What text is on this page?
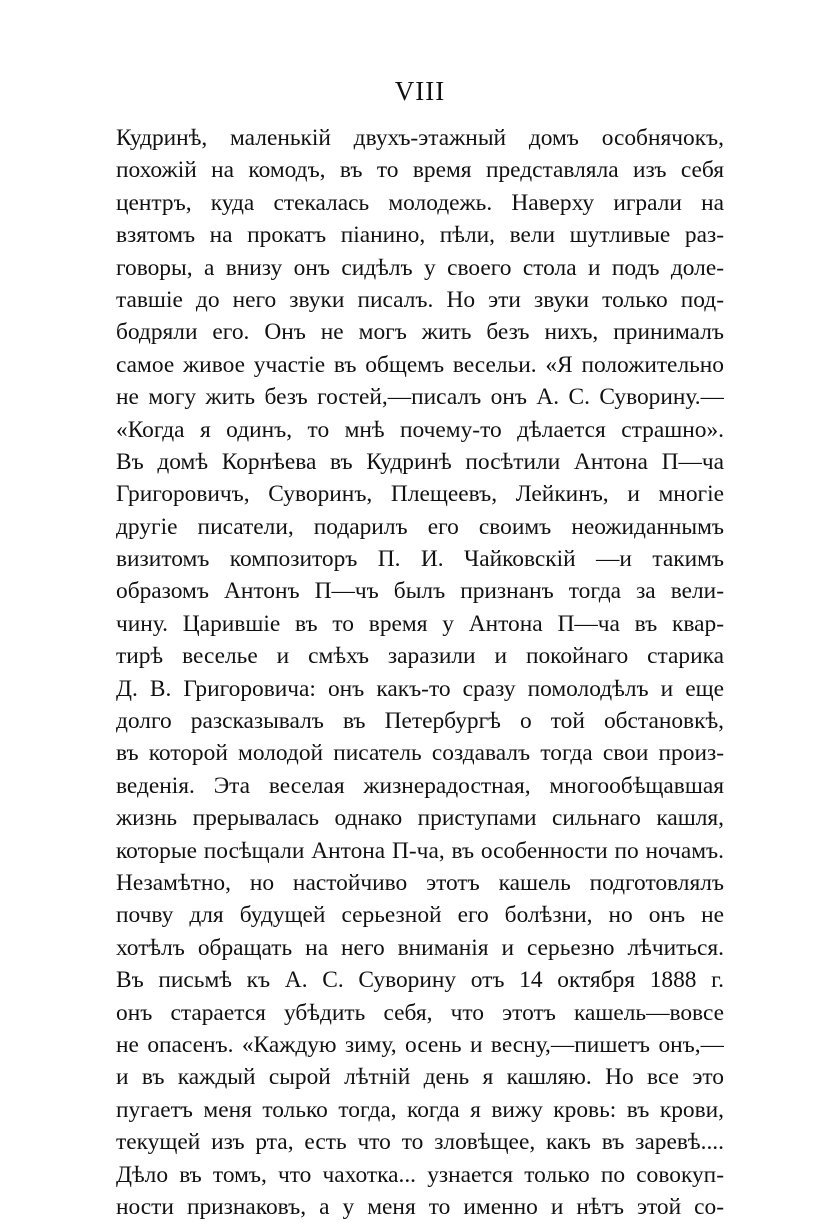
VIII
Кудринѣ, маленькій двухъ-этажный домъ особнячокъ,
похожій на комодъ, въ то время представляла изъ себя
центръ, куда стекалась молодежь. Наверху играли на
взятомъ на прокатъ піанино, пѣли, вели шутливые раз-
говоры, а внизу онъ сидѣлъ у своего стола и подъ доле-
тавшіе до него звуки писалъ. Но эти звуки только под-
бодряли его. Онъ не могъ жить безъ нихъ, принималъ
самое живое участіе въ общемъ весельи. «Я положительно
не могу жить безъ гостей,—писалъ онъ А. С. Суворину.—
«Когда я одинъ, то мнѣ почему-то дѣлается страшно».
Въ домѣ Корнѣева въ Кудринѣ посѣтили Антона П—ча
Григоровичъ, Суворинъ, Плещеевъ, Лейкинъ, и многіе
другіе писатели, подарилъ его своимъ неожиданнымъ
визитомъ композиторъ П. И. Чайковскій —и такимъ
образомъ Антонъ П—чъ былъ признанъ тогда за вели-
чину. Царившіе въ то время у Антона П—ча въ квар-
тирѣ веселье и смѣхъ заразили и покойнаго старика
Д. В. Григоровича: онъ какъ-то сразу помолодѣлъ и еще
долго разсказывалъ въ Петербургѣ о той обстановкѣ,
въ которой молодой писатель создавалъ тогда свои произ-
веденія. Эта веселая жизнерадостная, многообѣщавшая
жизнь прерывалась однако приступами сильнаго кашля,
которые посѣщали Антона П-ча, въ особенности по ночамъ.
Незамѣтно, но настойчиво этотъ кашель подготовлялъ
почву для будущей серьезной его болѣзни, но онъ не
хотѣлъ обращать на него вниманія и серьезно лѣчиться.
Въ письмѣ къ А. С. Суворину отъ 14 октября 1888 г.
онъ старается убѣдить себя, что этотъ кашель—вовсе
не опасенъ. «Каждую зиму, осень и весну,—пишетъ онъ,—
и въ каждый сырой лѣтній день я кашляю. Но все это
пугаетъ меня только тогда, когда я вижу кровь: въ крови,
текущей изъ рта, есть что то зловѣщее, какъ въ заревѣ....
Дѣло въ томъ, что чахотка... узнается только по совокуп-
ности признаковъ, а у меня то именно и нѣтъ этой со-
